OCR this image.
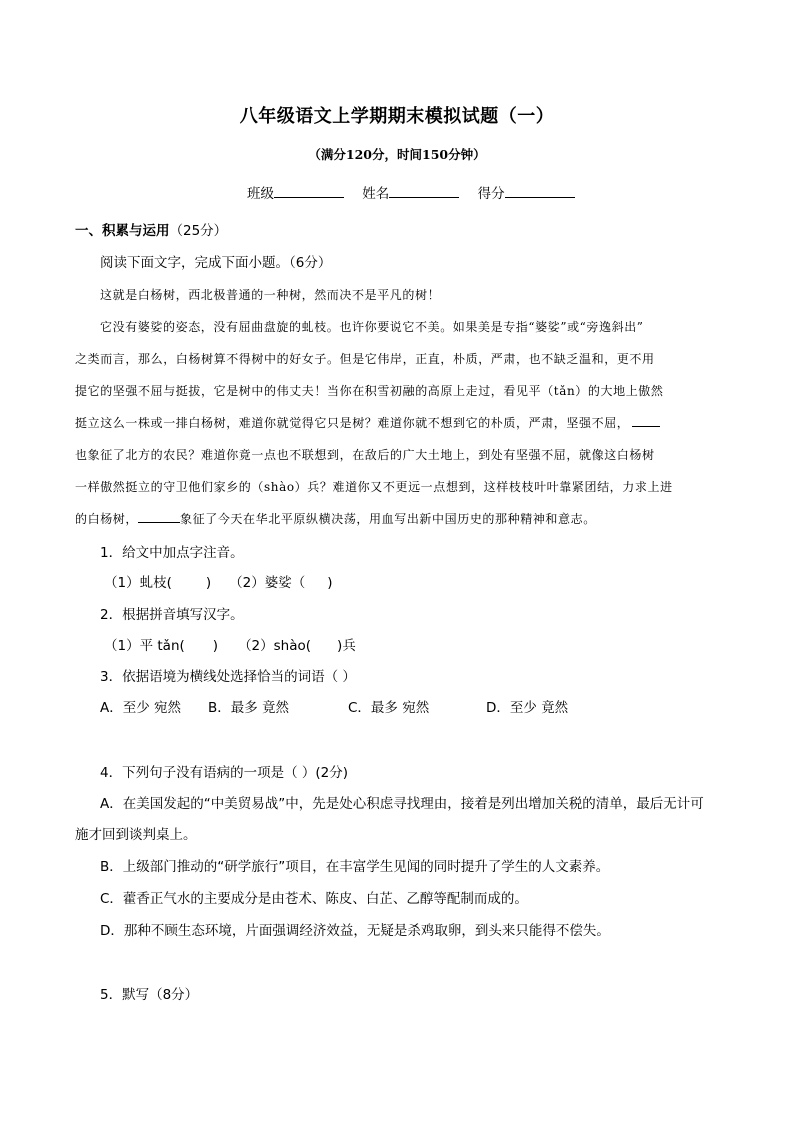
八年级语文上学期期末模拟试题（一）
（满分120分，时间150分钟）
班级	姓名	得分
一、积累与运用（25分）
阅读下面文字，完成下面小题。（6分）
这就是白杨树，西北极普通的一种树，然而决不是平凡的树！
它没有婆娑的姿态，没有屈曲盘旋的虬枝。也许你要说它不美。如果美是专指“婆娑”或“旁逸斜出”
之类而言，那么，白杨树算不得树中的好女子。但是它伟岸，正直，朴质，严肃，也不缺乏温和，更不用
提它的坚强不屈与挺拔，它是树中的伟丈夫！当你在积雪初融的高原上走过，看见平（tǎn）的大地上傲然
挺立这么一株或一排白杨树，难道你就觉得它只是树？难道你就不想到它的朴质，严肃，坚强不屈，
也象征了北方的农民？难道你竟一点也不联想到，在敌后的广大土地上，到处有坚强不屈，就像这白杨树
一样傲然挺立的守卫他们家乡的（shào）兵？难道你又不更远一点想到，这样枝枝叶叶靠紧团结，力求上进
的白杨树，	象征了今天在华北平原纵横决荡，用血写出新中国历史的那种精神和意志。
1．给文中加点字注音。
（1）虬枝(	) （2）婆娑（ )
2．根据拼音填写汉字。
（1）平 tǎn( ) （2）shào( )兵
3．依据语境为横线处选择恰当的词语（ ）
A．至少 宛然 B．最多 竟然	C．最多 宛然	D．至少 竟然
4．下列句子没有语病的一项是（ ）(2分)
A．在美国发起的“中美贸易战”中，先是处心积虑寻找理由，接着是列出增加关税的清单，最后无计可
施才回到谈判桌上。
B．上级部门推动的“研学旅行”项目，在丰富学生见闻的同时提升了学生的人文素养。
C．藿香正气水的主要成分是由苍术、陈皮、白芷、乙醇等配制而成的。
D．那种不顾生态环境，片面强调经济效益，无疑是杀鸡取卵，到头来只能得不偿失。
5．默写（8分）
